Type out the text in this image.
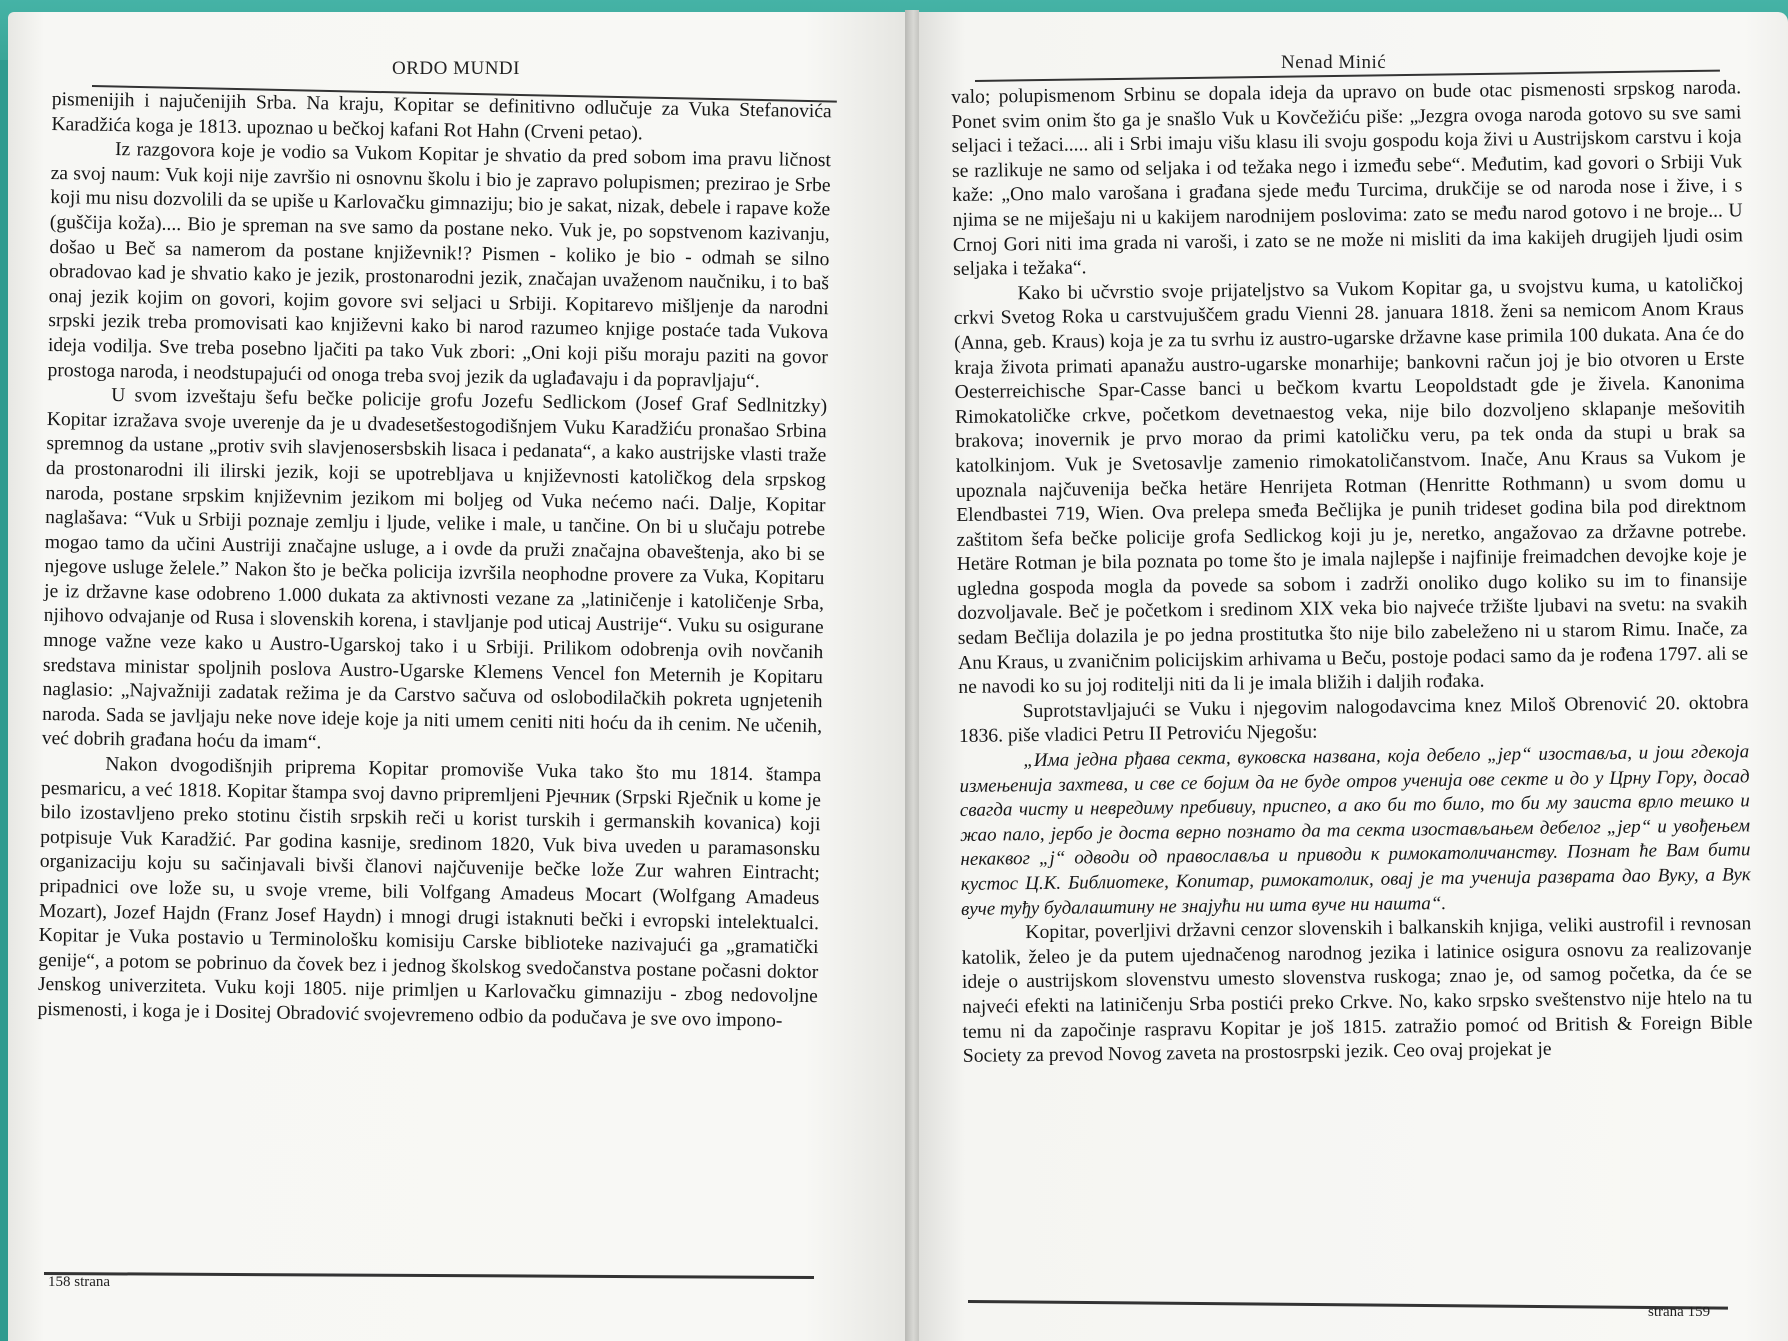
ORDO MUNDI

pismenijih i najučenijih Srba. Na kraju, Kopitar se definitivno odlučuje za Vuka Stefanovića Karadžića koga je 1813. upoznao u bečkoj kafani Rot Hahn (Crveni petao).

Iz razgovora koje je vodio sa Vukom Kopitar je shvatio da pred sobom ima pravu ličnost za svoj naum: Vuk koji nije završio ni osnovnu školu i bio je zapravo polupismen; prezirao je Srbe koji mu nisu dozvolili da se upiše u Karlovačku gimnaziju; bio je sakat, nizak, debele i rapave kože (guščija koža).... Bio je spreman na sve samo da postane neko. Vuk je, po sopstvenom kazivanju, došao u Beč sa namerom da postane književnik!? Pismen - koliko je bio - odmah se silno obradovao kad je shvatio kako je jezik, prostonarodni jezik, značajan uvaženom naučniku, i to baš onaj jezik kojim on govori, kojim govore svi seljaci u Srbiji. Kopitarevo mišljenje da narodni srpski jezik treba promovisati kao književni kako bi narod razumeo knjige postaće tada Vukova ideja vodilja. Sve treba posebno ljačiti pa tako Vuk zbori: „Oni koji pišu moraju paziti na govor prostoga naroda, i neodstupajući od onoga treba svoj jezik da uglađavaju i da popravljaju“.

U svom izveštaju šefu bečke policije grofu Jozefu Sedlickom (Josef Graf Sedlnitzky) Kopitar izražava svoje uverenje da je u dvadesetšestogodišnjem Vuku Karadžiću pronašao Srbina spremnog da ustane „protiv svih slavjenosersbskih lisaca i pedanata“, a kako austrijske vlasti traže da prostonarodni ili ilirski jezik, koji se upotrebljava u književnosti katoličkog dela srpskog naroda, postane srpskim književnim jezikom mi boljeg od Vuka nećemo naći. Dalje, Kopitar naglašava: “Vuk u Srbiji poznaje zemlju i ljude, velike i male, u tančine. On bi u slučaju potrebe mogao tamo da učini Austriji značajne usluge, a i ovde da pruži značajna obaveštenja, ako bi se njegove usluge želele.” Nakon što je bečka policija izvršila neophodne provere za Vuka, Kopitaru je iz državne kase odobreno 1.000 dukata za aktivnosti vezane za „latiničenje i katoličenje Srba, njihovo odvajanje od Rusa i slovenskih korena, i stavljanje pod uticaj Austrije“. Vuku su osigurane mnoge važne veze kako u Austro-Ugarskoj tako i u Srbiji. Prilikom odobrenja ovih novčanih sredstava ministar spoljnih poslova Austro-Ugarske Klemens Vencel fon Meternih je Kopitaru naglasio: „Najvažniji zadatak režima je da Carstvo sačuva od oslobodilačkih pokreta ugnjetenih naroda. Sada se javljaju neke nove ideje koje ja niti umem ceniti niti hoću da ih cenim. Ne učenih, već dobrih građana hoću da imam“.

Nakon dvogodišnjih priprema Kopitar promoviše Vuka tako što mu 1814. štampa pesmaricu, a već 1818. Kopitar štampa svoj davno pripremljeni Рјечник (Srpski Rječnik u kome je bilo izostavljeno preko stotinu čistih srpskih reči u korist turskih i germanskih kovanica) koji potpisuje Vuk Karadžić. Par godina kasnije, sredinom 1820, Vuk biva uveden u paramasonsku organizaciju koju su sačinjavali bivši članovi najčuvenije bečke lože Zur wahren Eintracht; pripadnici ove lože su, u svoje vreme, bili Volfgang Amadeus Mocart (Wolfgang Amadeus Mozart), Jozef Hajdn (Franz Josef Haydn) i mnogi drugi istaknuti bečki i evropski intelektualci. Kopitar je Vuka postavio u Terminološku komisiju Carske biblioteke nazivajući ga „gramatički genije“, a potom se pobrinuo da čovek bez i jednog školskog svedočanstva postane počasni doktor Jenskog univerziteta. Vuku koji 1805. nije primljen u Karlovačku gimnaziju - zbog nedovoljne pismenosti, i koga je i Dositej Obradović svojevremeno odbio da podučava je sve ovo impono-

158 strana
Nenad Minić

valo; polupismenom Srbinu se dopala ideja da upravo on bude otac pismenosti srpskog naroda. Ponet svim onim što ga je snašlo Vuk u Kovčežiću piše: „Jezgra ovoga naroda gotovo su sve sami seljaci i težaci..... ali i Srbi imaju višu klasu ili svoju gospodu koja živi u Austrijskom carstvu i koja se razlikuje ne samo od seljaka i od težaka nego i između sebe“. Međutim, kad govori o Srbiji Vuk kaže: „Ono malo varošana i građana sjede među Turcima, drukčije se od naroda nose i žive, i s njima se ne miješaju ni u kakijem narodnijem poslovima: zato se među narod gotovo i ne broje... U Crnoj Gori niti ima grada ni varoši, i zato se ne može ni misliti da ima kakijeh drugijeh ljudi osim seljaka i težaka“.

Kako bi učvrstio svoje prijateljstvo sa Vukom Kopitar ga, u svojstvu kuma, u katoličkoj crkvi Svetog Roka u carstvujuščem gradu Vienni 28. januara 1818. ženi sa nemicom Anom Kraus (Anna, geb. Kraus) koja je za tu svrhu iz austro-ugarske državne kase primila 100 dukata. Ana će do kraja života primati apanažu austro-ugarske monarhije; bankovni račun joj je bio otvoren u Erste Oesterreichische Spar-Casse banci u bečkom kvartu Leopoldstadt gde je živela. Kanonima Rimokatoličke crkve, početkom devetnaestog veka, nije bilo dozvoljeno sklapanje mešovitih brakova; inovernik je prvo morao da primi katoličku veru, pa tek onda da stupi u brak sa katolkinjom. Vuk je Svetosavlje zamenio rimokatoličanstvom. Inače, Anu Kraus sa Vukom je upoznala najčuvenija bečka hetäre Henrijeta Rotman (Henritte Rothmann) u svom domu u Elendbastei 719, Wien. Ova prelepa smeđa Bečlijka je punih trideset godina bila pod direktnom zaštitom šefa bečke policije grofa Sedlickog koji ju je, neretko, angažovao za državne potrebe. Hetäre Rotman je bila poznata po tome što je imala najlepše i najfinije freimadchen devojke koje je ugledna gospoda mogla da povede sa sobom i zadrži onoliko dugo koliko su im to finansije dozvoljavale. Beč je početkom i sredinom XIX veka bio najveće tržište ljubavi na svetu: na svakih sedam Bečlija dolazila je po jedna prostitutka što nije bilo zabeleženo ni u starom Rimu. Inače, za Anu Kraus, u zvaničnim policijskim arhivama u Beču, postoje podaci samo da je rođena 1797. ali se ne navodi ko su joj roditelji niti da li je imala bližih i daljih rođaka.

Suprotstavljajući se Vuku i njegovim nalogodavcima knez Miloš Obrenović 20. oktobra 1836. piše vladici Petru II Petroviću Njegošu:

„Има једна рђава секта, вуковска названа, која дебело „јер“ изоставља, и још гдекоја измењенија захтева, и све се бојим да не буде отров ученија ове секте и до у Црну Гору, досад свагда чисту и невредиму пребивиу, приспео, а ако би то било, то би му заиста врло тешко и жао пало, јербо је доста верно познато да та секта изостављањем дебелог „јер“ и увођењем некаквог „ј“ одводи од православља и приводи к римокатоличанству. Познат ће Вам бити кустос Ц.К. Библиотеке, Копитар, римокатолик, овај је та ученија разврата дао Вуку, а Вук вуче туђу будалаштину не знајући ни шта вуче ни нашта“.

Kopitar, poverljivi državni cenzor slovenskih i balkanskih knjiga, veliki austrofil i revnosan katolik, želeo je da putem ujednačenog narodnog jezika i latinice osigura osnovu za realizovanje ideje o austrijskom slovenstvu umesto slovenstva ruskoga; znao je, od samog početka, da će se najveći efekti na latiničenju Srba postići preko Crkve. No, kako srpsko sveštenstvo nije htelo na tu temu ni da započinje raspravu Kopitar je još 1815. zatražio pomoć od British & Foreign Bible Society za prevod Novog zaveta na prostosrpski jezik. Ceo ovaj projekat je

strana 159
